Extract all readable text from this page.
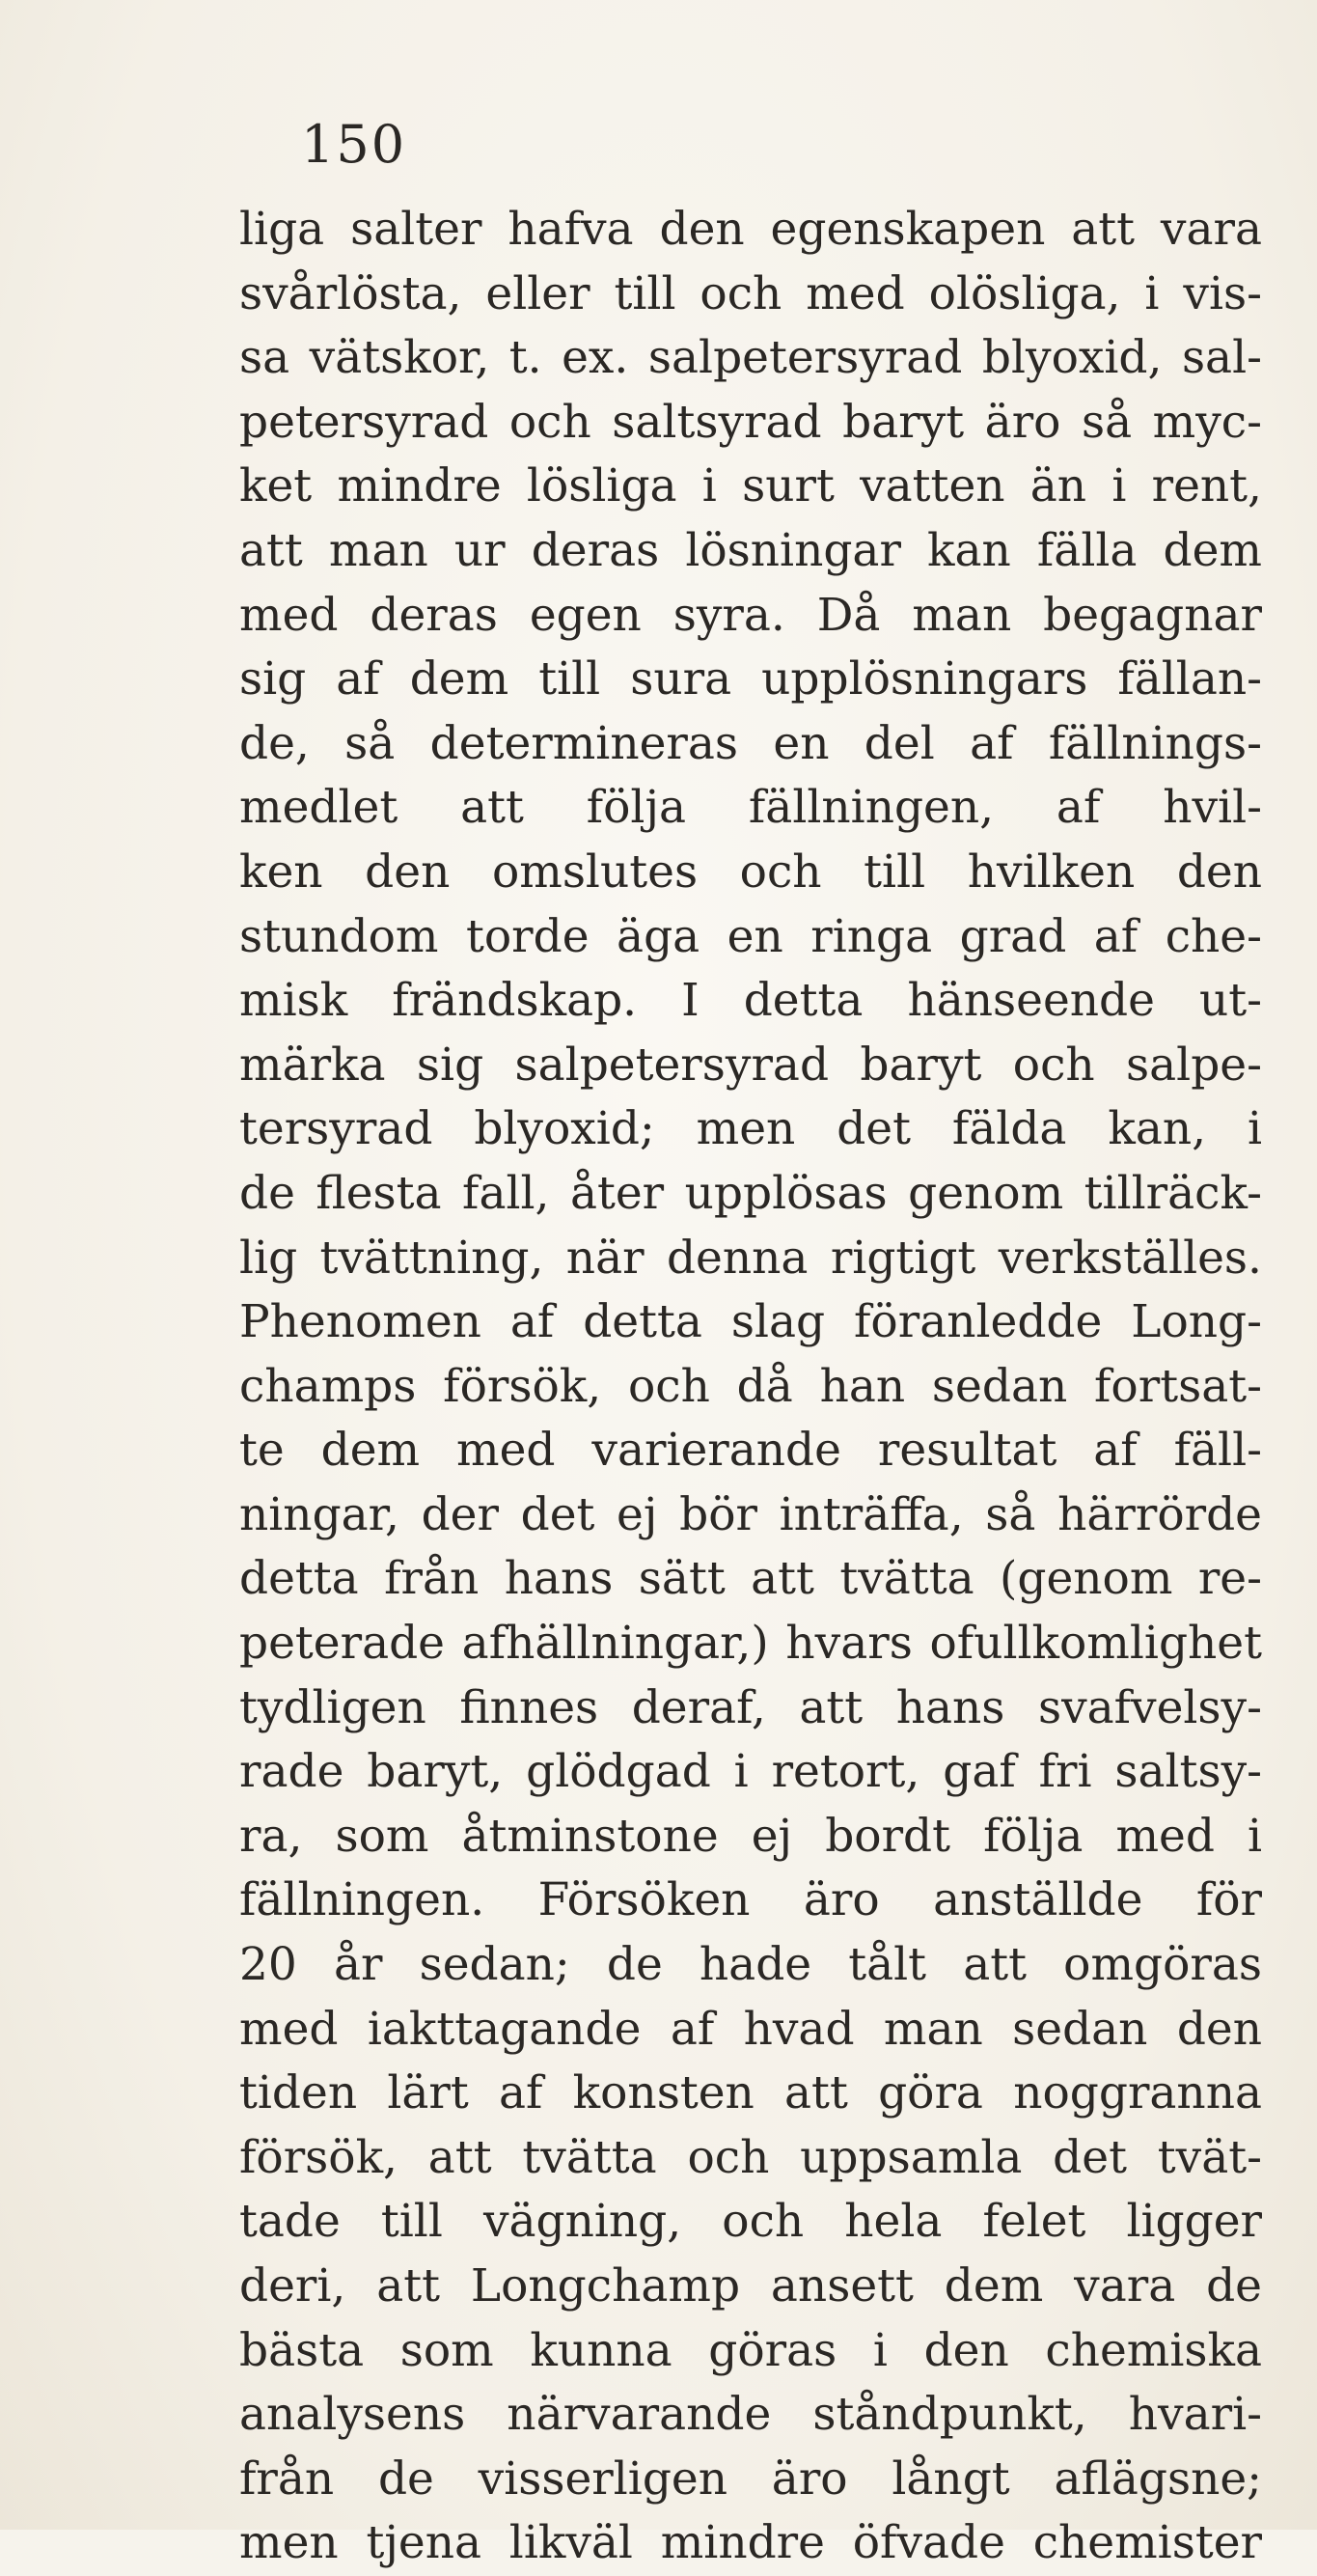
150
liga salter hafva den egenskapen att vara
svårlösta, eller till och med olösliga, i vis-
sa vätskor, t. ex. salpetersyrad blyoxid, sal-
petersyrad och saltsyrad baryt äro så myc-
ket mindre lösliga i surt vatten än i rent,
att man ur deras lösningar kan fälla dem
med deras egen syra. Då man begagnar
sig af dem till sura upplösningars fällan-
de, så determineras en del af fällnings-
medlet att följa fällningen, af hvil-
ken den omslutes och till hvilken den
stundom torde äga en ringa grad af che-
misk frändskap. I detta hänseende ut-
märka sig salpetersyrad baryt och salpe-
tersyrad blyoxid; men det fälda kan, i
de flesta fall, åter upplösas genom tillräck-
lig tvättning, när denna rigtigt verkställes.
Phenomen af detta slag föranledde Long-
champs försök, och då han sedan fortsat-
te dem med varierande resultat af fäll-
ningar, der det ej bör inträffa, så härrörde
detta från hans sätt att tvätta (genom re-
peterade afhällningar,) hvars ofullkomlighet
tydligen finnes deraf, att hans svafvelsy-
rade baryt, glödgad i retort, gaf fri saltsy-
ra, som åtminstone ej bordt följa med i
fällningen. Försöken äro anställde för
20 år sedan; de hade tålt att omgöras
med iakttagande af hvad man sedan den
tiden lärt af konsten att göra noggranna
försök, att tvätta och uppsamla det tvät-
tade till vägning, och hela felet ligger
deri, att Longchamp ansett dem vara de
bästa som kunna göras i den chemiska
analysens närvarande ståndpunkt, hvari-
från de visserligen äro långt aflägsne;
men tjena likväl mindre öfvade chemister
